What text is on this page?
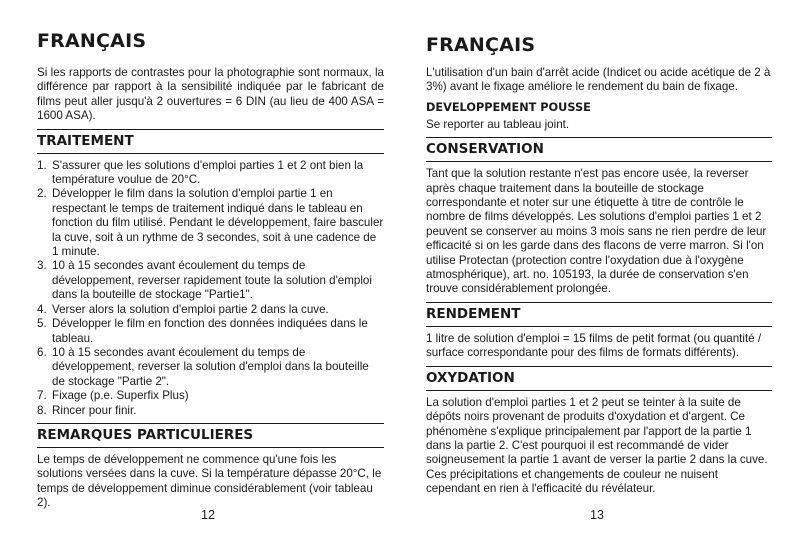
FRANÇAIS

Si les rapports de contrastes pour la photographie sont normaux, la différence par rapport à la sensibilité indiquée par le fabricant de films peut aller jusqu'à 2 ouvertures = 6 DIN (au lieu de 400 ASA = 1600 ASA).

TRAITEMENT
1. S'assurer que les solutions d'emploi parties 1 et 2 ont bien la température voulue de 20°C.
2. Développer le film dans la solution d'emploi partie 1 en respectant le temps de traitement indiqué dans le tableau en fonction du film utilisé. Pendant le développement, faire basculer la cuve, soit à un rythme de 3 secondes, soit à une cadence de 1 minute.
3. 10 à 15 secondes avant écoulement du temps de développement, reverser rapidement toute la solution d'emploi dans la bouteille de stockage "Partie1".
4. Verser alors la solution d'emploi partie 2 dans la cuve.
5. Développer le film en fonction des données indiquées dans le tableau.
6. 10 à 15 secondes avant écoulement du temps de développement, reverser la solution d'emploi dans la bouteille de stockage "Partie 2".
7. Fixage (p.e. Superfix Plus)
8. Rincer pour finir.
REMARQUES PARTICULIERES

Le temps de développement ne commence qu'une fois les solutions versées dans la cuve. Si la température dépasse 20°C, le temps de développement diminue considérablement (voir tableau 2).

12
FRANÇAIS

L'utilisation d'un bain d'arrêt acide (Indicet ou acide acétique de 2 à 3%) avant le fixage améliore le rendement du bain de fixage.

DEVELOPPEMENT POUSSE

Se reporter au tableau joint.

CONSERVATION

Tant que la solution restante n'est pas encore usée, la reverser après chaque traitement dans la bouteille de stockage correspondante et noter sur une étiquette à titre de contrôle le nombre de films développés. Les solutions d'emploi parties 1 et 2 peuvent se conserver au moins 3 mois sans ne rien perdre de leur efficacité si on les garde dans des flacons de verre marron. Si l'on utilise Protectan (protection contre l'oxydation due à l'oxygène atmosphérique), art. no. 105193, la durée de conservation s'en trouve considérablement prolongée.

RENDEMENT

1 litre de solution d'emploi = 15 films de petit format (ou quantité / surface correspondante pour des films de formats différents).

OXYDATION

La solution d'emploi parties 1 et 2 peut se teinter à la suite de dépôts noirs provenant de produits d'oxydation et d'argent. Ce phénomène s'explique principalement par l'apport de la partie 1 dans la partie 2. C'est pourquoi il est recommandé de vider soigneusement la partie 1 avant de verser la partie 2 dans la cuve. Ces précipitations et changements de couleur ne nuisent cependant en rien à l'efficacité du révélateur.

13
